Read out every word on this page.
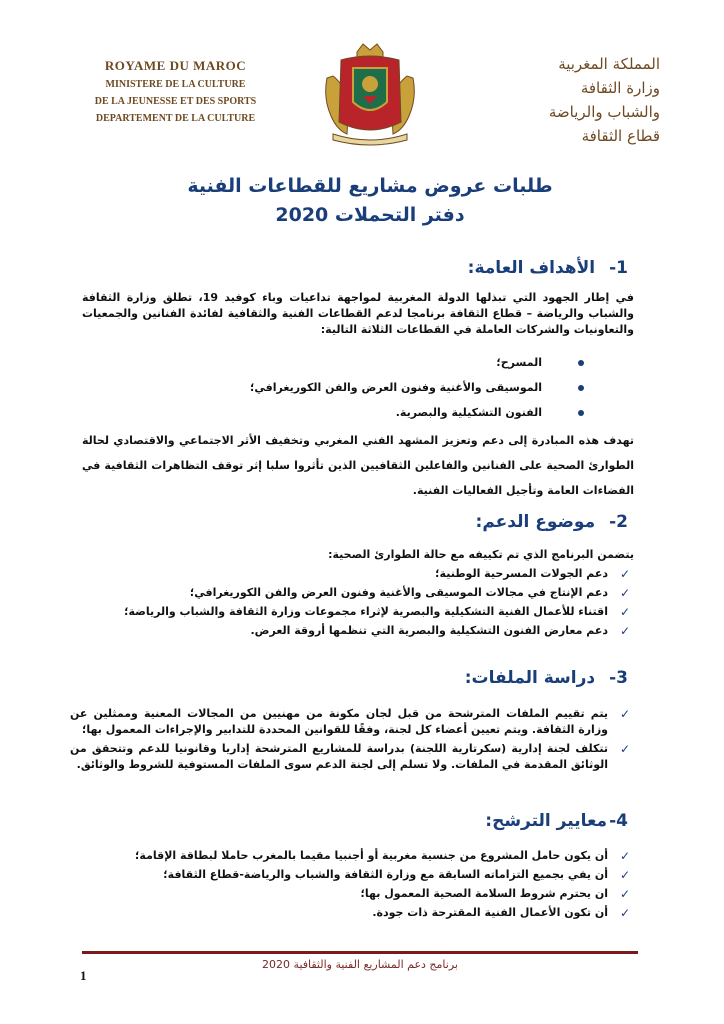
ROYAME DU MAROC
MINISTERE DE LA CULTURE
DE LA JEUNESSE ET DES SPORTS
DEPARTEMENT DE LA CULTURE
المملكة المغربية
وزارة الثقافة
والشباب والرياضة
قطاع الثقافة
طلبات عروض مشاريع للقطاعات الفنية
دفتر التحملات 2020
1-الأهداف العامة:
في إطار الجهود التي تبذلها الدولة المغربية لمواجهة تداعيات وباء كوفيد 19، تطلق وزارة الثقافة والشباب والرياضة – قطاع الثقافة برنامجا لدعم القطاعات الفنية والثقافية لفائدة الفنانين والجمعيات والتعاونيات والشركات العاملة في القطاعات الثلاثة التالية:
المسرح؛
الموسيقى والأغنية وفنون العرض والفن الكوريغرافي؛
الفنون التشكيلية والبصرية.
تهدف هذه المبادرة إلى دعم وتعزيز المشهد الفني المغربي وتخفيف الأثر الاجتماعي والاقتصادي لحالة الطوارئ الصحية على الفنانين والفاعلين الثقافيين الذين تأثروا سلبا إثر توقف التظاهرات الثقافية في الفضاءات العامة وتأجيل الفعاليات الفنية.
2-موضوع الدعم:
يتضمن البرنامج الذي تم تكييفه مع حالة الطوارئ الصحية:
✓
دعم الجولات المسرحية الوطنية؛
✓
دعم الإنتاج في مجالات الموسيقى والأغنية وفنون العرض والفن الكوريغرافي؛
✓
اقتناء للأعمال الفنية التشكيلية والبصرية لإثراء مجموعات وزارة الثقافة والشباب والرياضة؛
✓
دعم معارض الفنون التشكيلية والبصرية التي تنظمها أروقة العرض.
3-دراسة الملفات:
✓
يتم تقييم الملفات المترشحة من قبل لجان مكونة من مهنيين من المجالات المعنية وممثلين عن وزارة الثقافة. ويتم تعيين أعضاء كل لجنة، وفقًا للقوانين المحددة للتدابير والإجراءات المعمول بها؛
✓
تتكلف لجنة إدارية (سكرتارية اللجنة) بدراسة للمشاريع المترشحة إداريا وقانونيا للدعم وتتحقق من الوثائق المقدمة في الملفات. ولا تسلم إلى لجنة الدعم سوى الملفات المستوفية للشروط والوثائق.
4-معايير الترشح:
✓
أن يكون حامل المشروع من جنسية مغربية أو أجنبيا مقيما بالمغرب حاملا لبطاقة الإقامة؛
✓
أن يفي بجميع التزاماته السابقة مع وزارة الثقافة والشباب والرياضة-قطاع الثقافة؛
✓
ان يحترم شروط السلامة الصحية المعمول بها؛
✓
أن تكون الأعمال الفنية المقترحة ذات جودة.
برنامج دعم المشاريع الفنية والثقافية 2020
1
